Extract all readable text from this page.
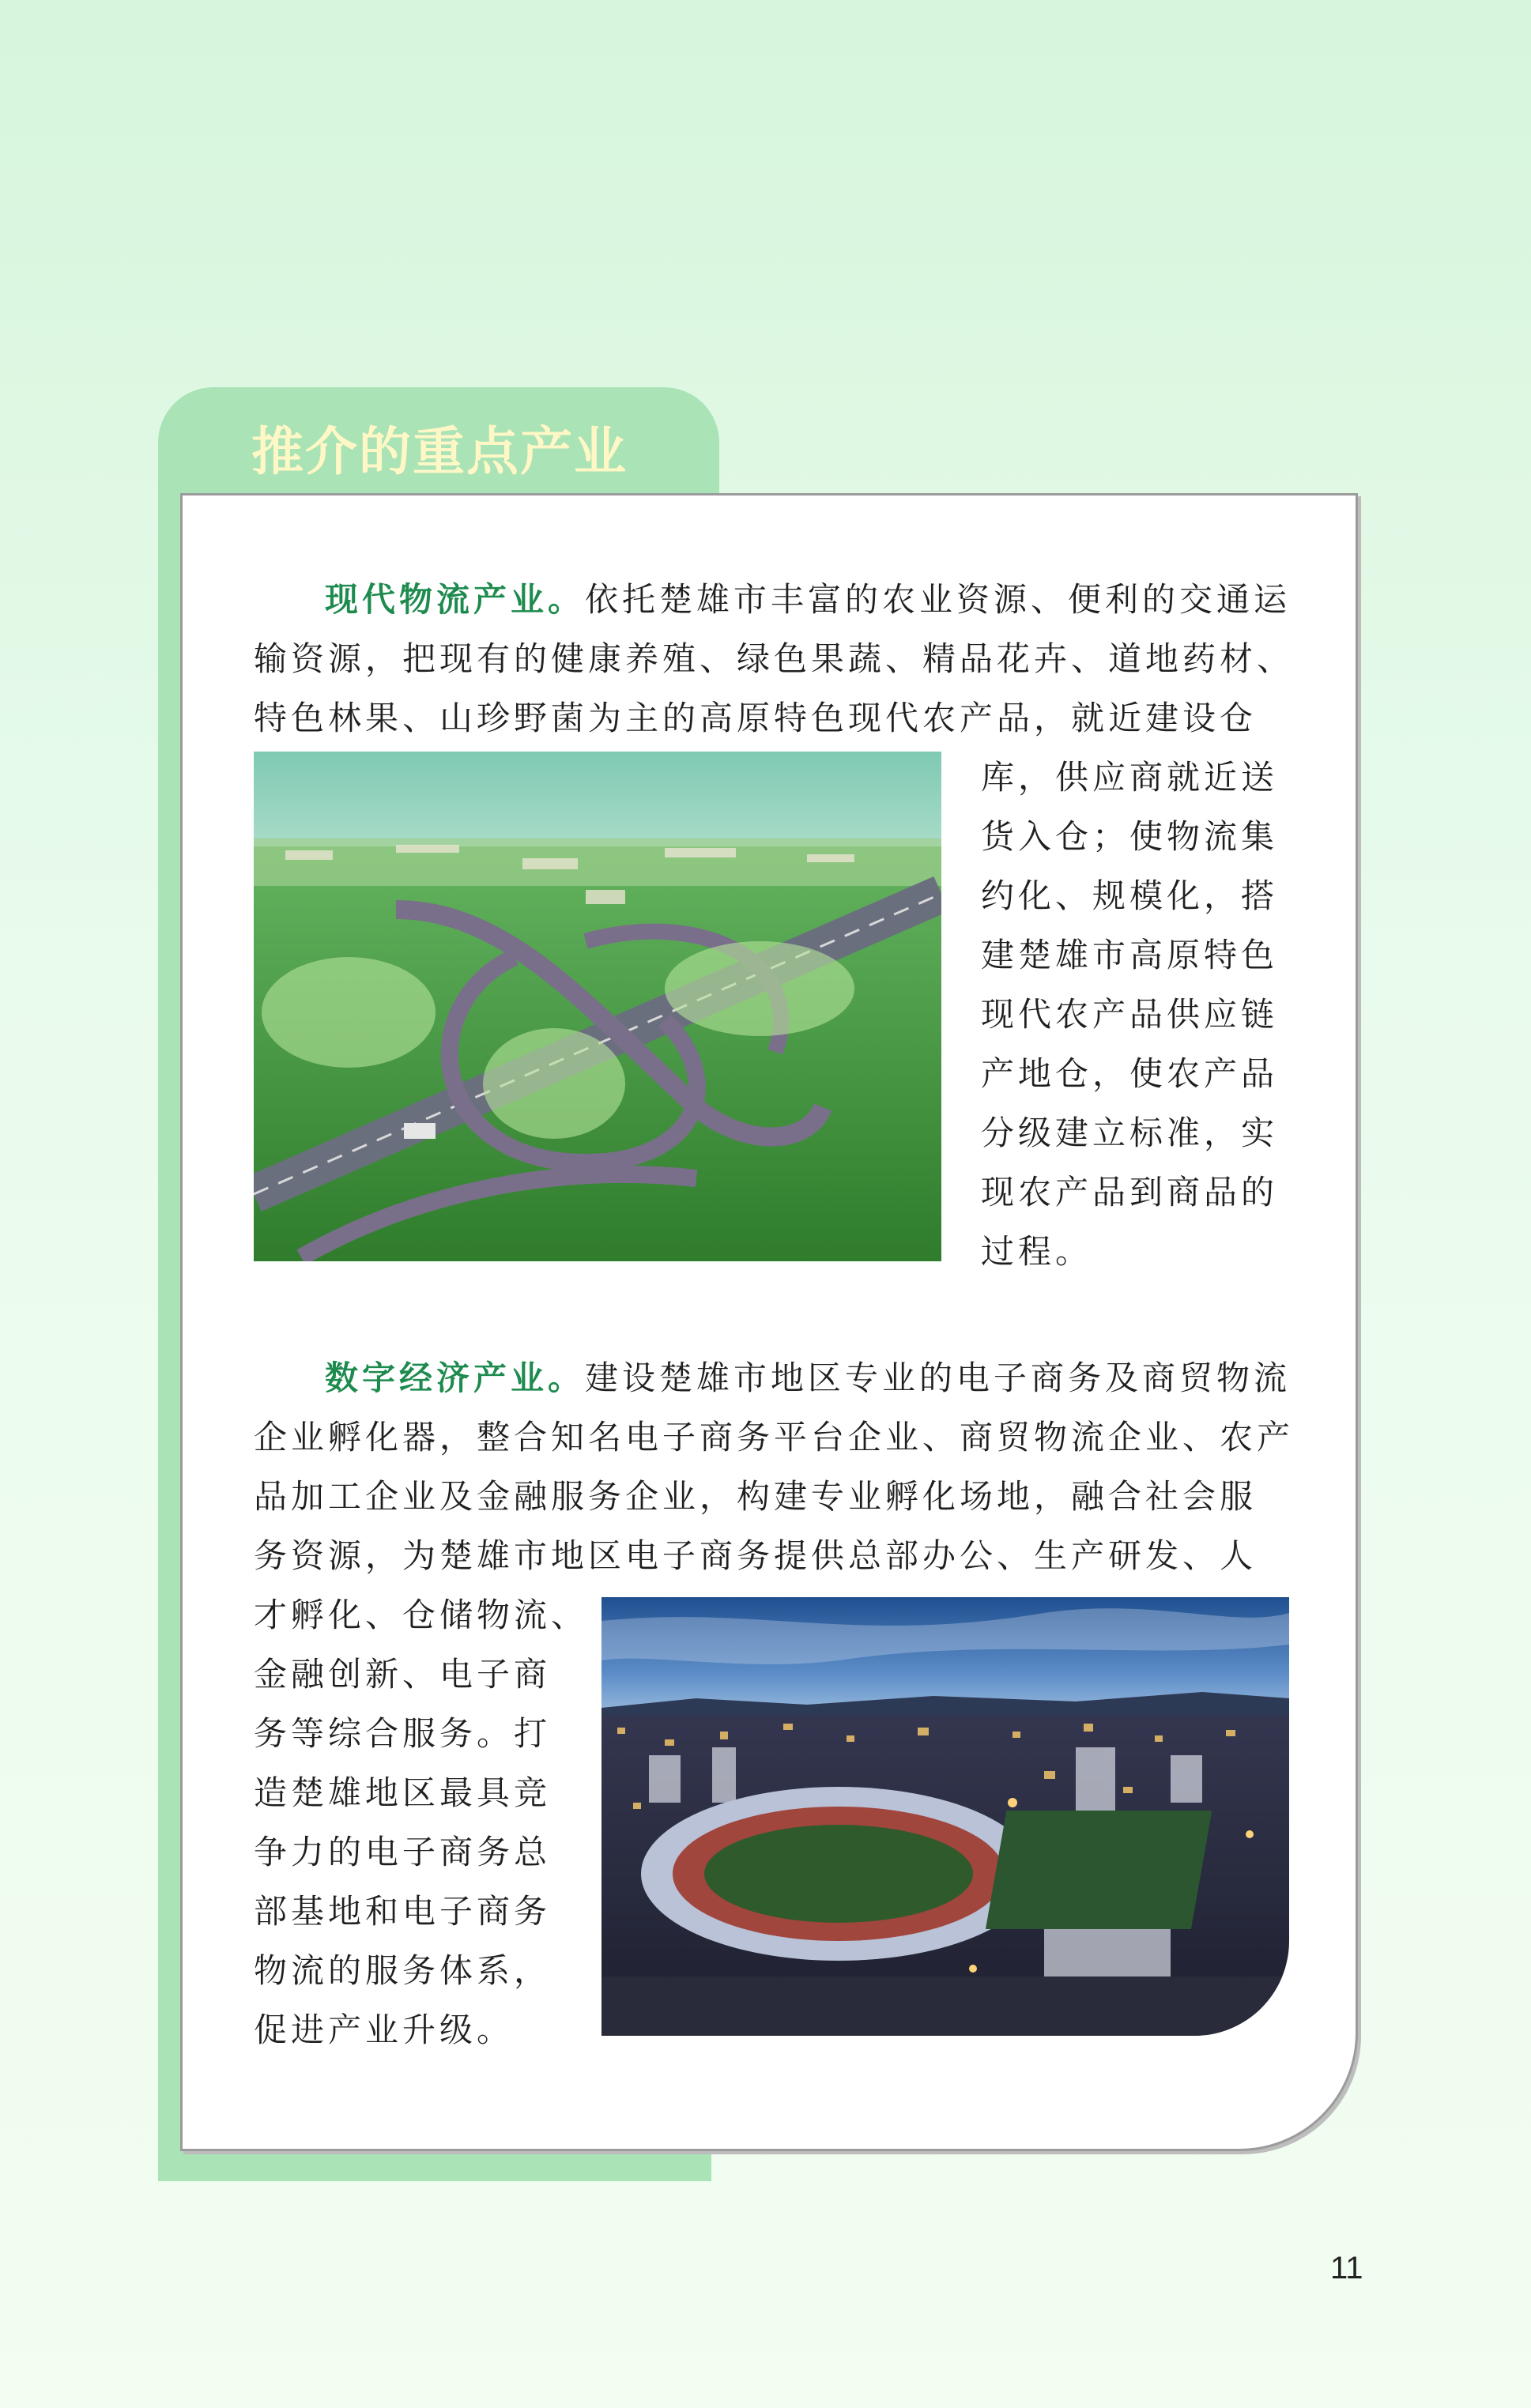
推介的重点产业

现代物流产业。依托楚雄市丰富的农业资源、便利的交通运

输资源，把现有的健康养殖、绿色果蔬、精品花卉、道地药材、

特色林果、山珍野菌为主的高原特色现代农产品，就近建设仓

库，供应商就近送

货入仓；使物流集

约化、规模化，搭

建楚雄市高原特色

现代农产品供应链

产地仓，使农产品

分级建立标准，实

现农产品到商品的

过程。

数字经济产业。建设楚雄市地区专业的电子商务及商贸物流

企业孵化器，整合知名电子商务平台企业、商贸物流企业、农产

品加工企业及金融服务企业，构建专业孵化场地，融合社会服

务资源，为楚雄市地区电子商务提供总部办公、生产研发、人

才孵化、仓储物流、

金融创新、电子商

务等综合服务。打

造楚雄地区最具竞

争力的电子商务总

部基地和电子商务

物流的服务体系，

促进产业升级。

11
